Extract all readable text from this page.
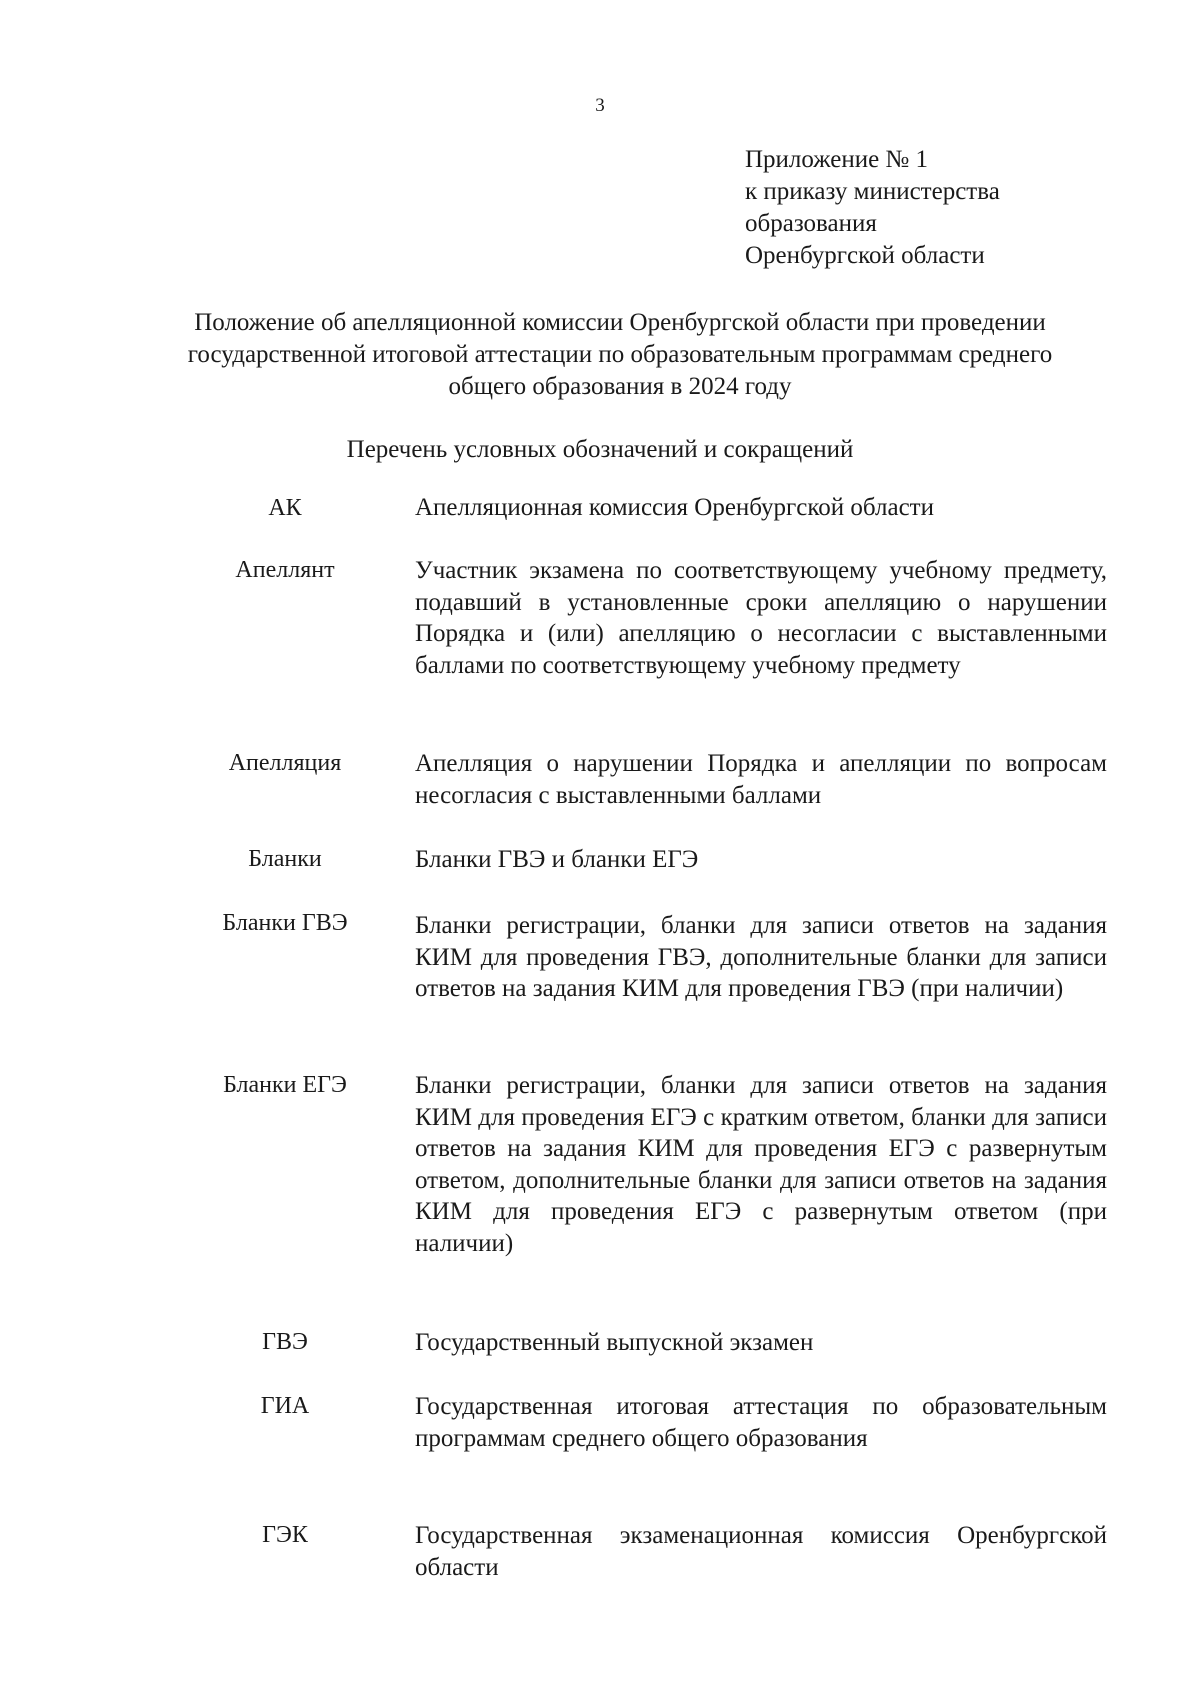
3
Приложение № 1
к приказу министерства
образования
Оренбургской области
Положение об апелляционной комиссии Оренбургской области при проведении государственной итоговой аттестации по образовательным программам среднего общего образования в 2024 году
Перечень условных обозначений и сокращений
АК	Апелляционная комиссия Оренбургской области
Апеллянт	Участник экзамена по соответствующему учебному предмету, подавший в установленные сроки апелляцию о нарушении Порядка и (или) апелляцию о несогласии с выставленными баллами по соответствующему учебному предмету
Апелляция	Апелляция о нарушении Порядка и апелляции по вопросам несогласия с выставленными баллами
Бланки	Бланки ГВЭ и бланки ЕГЭ
Бланки ГВЭ	Бланки регистрации, бланки для записи ответов на задания КИМ для проведения ГВЭ, дополнительные бланки для записи ответов на задания КИМ для проведения ГВЭ (при наличии)
Бланки ЕГЭ	Бланки регистрации, бланки для записи ответов на задания КИМ для проведения ЕГЭ с кратким ответом, бланки для записи ответов на задания КИМ для проведения ЕГЭ с развернутым ответом, дополнительные бланки для записи ответов на задания КИМ для проведения ЕГЭ с развернутым ответом (при наличии)
ГВЭ	Государственный выпускной экзамен
ГИА	Государственная итоговая аттестация по образовательным программам среднего общего образования
ГЭК	Государственная экзаменационная комиссия Оренбургской области
